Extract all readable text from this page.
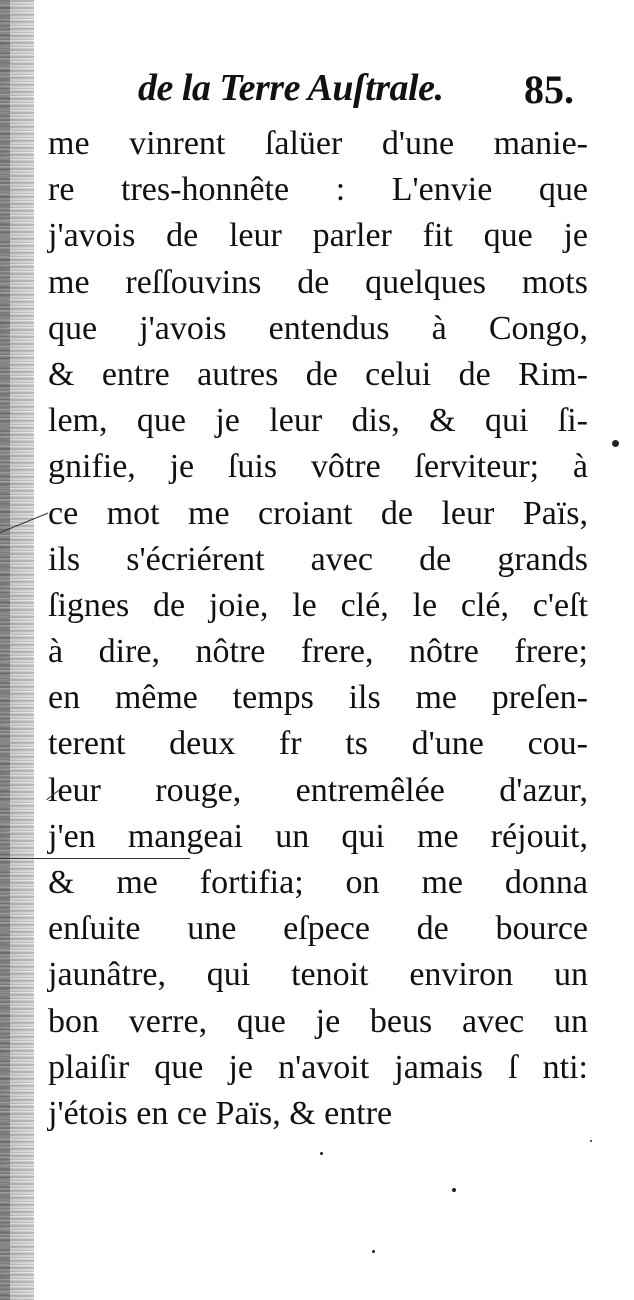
de la Terre Auſtrale. 85.
me vinrent ſalüer d'une manie-
re tres-honnête : L'envie que
j'avois de leur parler fit que je
me reſſouvins de quelques mots
que j'avois entendus à Congo,
& entre autres de celui de Rim-
lem, que je leur dis, & qui ſi-
gnifie, je ſuis vôtre ſerviteur; à
ce mot me croiant de leur Païs,
ils s'écriérent avec de grands
ſignes de joie, le clé, le clé, c'eſt
à dire, nôtre frere, nôtre frere;
en même temps ils me preſen-
terent deux fr ts d'une cou-
leur rouge, entremêlée d'azur,
j'en mangeai un qui me réjouit,
& me fortifia; on me donna
enſuite une eſpece de bource
jaunâtre, qui tenoit environ un
bon verre, que je beus avec un
plaiſir que je n'avoit jamais ſ nti:
j'étois en ce Païs, & entre
